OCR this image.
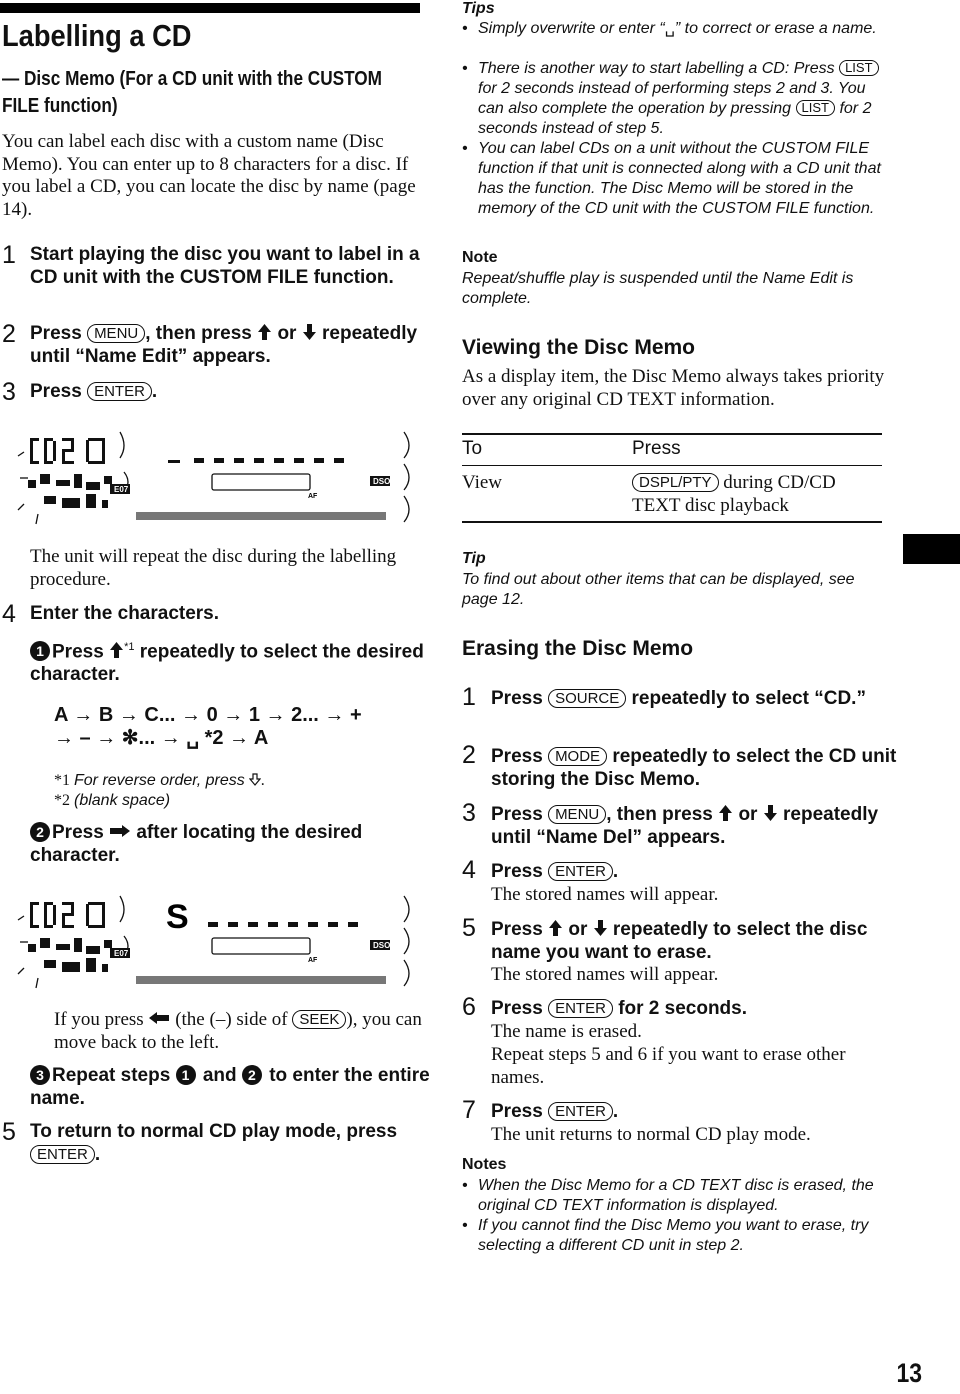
Labelling a CD
— Disc Memo (For a CD unit with the CUSTOM FILE function)
You can label each disc with a custom name (Disc Memo). You can enter up to 8 characters for a disc. If you label a CD, you can locate the disc by name (page 14).
1 Start playing the disc you want to label in a CD unit with the CUSTOM FILE function.
2 Press MENU , then press or repeatedly until “Name Edit” appears.
3 Press ENTER .
E07
AF
DSO
The unit will repeat the disc during the labelling procedure.
4 Enter the characters.
1 Press $^{*1}$ repeatedly to select the desired character.
A → B → C... → 0 → 1 → 2... → +
→ – → ✻... → ␣ *2 → A
*1 For reverse order, press .
*2 (blank space)
2 Press after locating the desired character.
S
E07
AF
DSO
If you press (the (–) side of SEEK ), you can move back to the left.
3 Repeat steps 1 and 2 to enter the entire name.
5 To return to normal CD play mode, press ENTER .
Tips
• Simply overwrite or enter “␣” to correct or erase a name.
• There is another way to start labelling a CD: Press LIST for 2 seconds instead of performing steps 2 and 3. You can also complete the operation by pressing LIST for 2 seconds instead of step 5.
• You can label CDs on a unit without the CUSTOM FILE function if that unit is connected along with a CD unit that has the function. The Disc Memo will be stored in the memory of the CD unit with the CUSTOM FILE function.
Note
Repeat/shuffle play is suspended until the Name Edit is complete.
Viewing the Disc Memo
As a display item, the Disc Memo always takes priority over any original CD TEXT information.
To	Press
View	DSPL/PTY during CD/CD TEXT disc playback
Tip
To find out about other items that can be displayed, see page 12.
Erasing the Disc Memo
1 Press SOURCE repeatedly to select “CD.”
2 Press MODE repeatedly to select the CD unit storing the Disc Memo.
3 Press MENU , then press or repeatedly until “Name Del” appears.
4 Press ENTER .
The stored names will appear.
5 Press or repeatedly to select the disc name you want to erase.
The stored names will appear.
6 Press ENTER for 2 seconds.
The name is erased.
Repeat steps 5 and 6 if you want to erase other names.
7 Press ENTER .
The unit returns to normal CD play mode.
Notes
• When the Disc Memo for a CD TEXT disc is erased, the original CD TEXT information is displayed.
• If you cannot find the Disc Memo you want to erase, try selecting a different CD unit in step 2.
13
